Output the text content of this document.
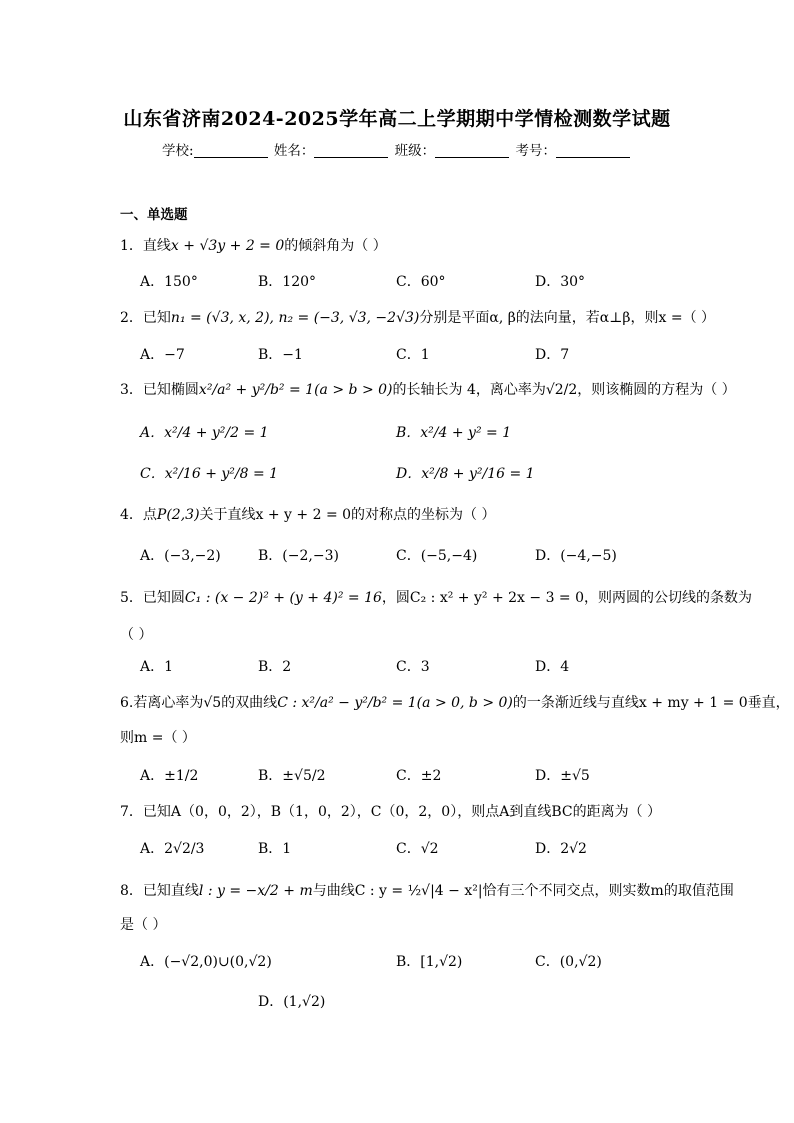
山东省济南2024-2025学年高二上学期期中学情检测数学试题
学校:	姓名：	班级：	考号：
一、单选题
1．直线x + √3y + 2 = 0的倾斜角为（ ）
A．150°	B．120°	C．60°	D．30°
2．已知n₁ = (√3, x, 2), n₂ = (−3, √3, −2√3)分别是平面α, β的法向量，若α⊥β，则x =（ ）
A．−7	B．−1	C．1	D．7
3．已知椭圆x²/a² + y²/b² = 1(a > b > 0)的长轴长为 4，离心率为√2/2，则该椭圆的方程为（ ）
A．x²/4 + y²/2 = 1	B．x²/4 + y² = 1
C．x²/16 + y²/8 = 1	D．x²/8 + y²/16 = 1
4．点P(2,3)关于直线x + y + 2 = 0的对称点的坐标为（ ）
A．(−3,−2)	B．(−2,−3)	C．(−5,−4)	D．(−4,−5)
5．已知圆C₁ : (x − 2)² + (y + 4)² = 16，圆C₂ : x² + y² + 2x − 3 = 0，则两圆的公切线的条数为
（ ）
A．1	B．2	C．3	D．4
6.若离心率为√5的双曲线C : x²/a² − y²/b² = 1(a > 0, b > 0)的一条渐近线与直线x + my + 1 = 0垂直，
则m =（ ）
A．±1/2	B．±√5/2	C．±2	D．±√5
7．已知A（0，0，2），B（1，0，2），C（0，2，0），则点A到直线BC的距离为（ ）
A．2√2/3	B．1	C．√2	D．2√2
8．已知直线l : y = −x/2 + m与曲线C : y = ½√|4 − x²|恰有三个不同交点，则实数m的取值范围
是（ ）
A．(−√2,0)∪(0,√2)	B．[1,√2)	C．(0,√2)
D．(1,√2)
